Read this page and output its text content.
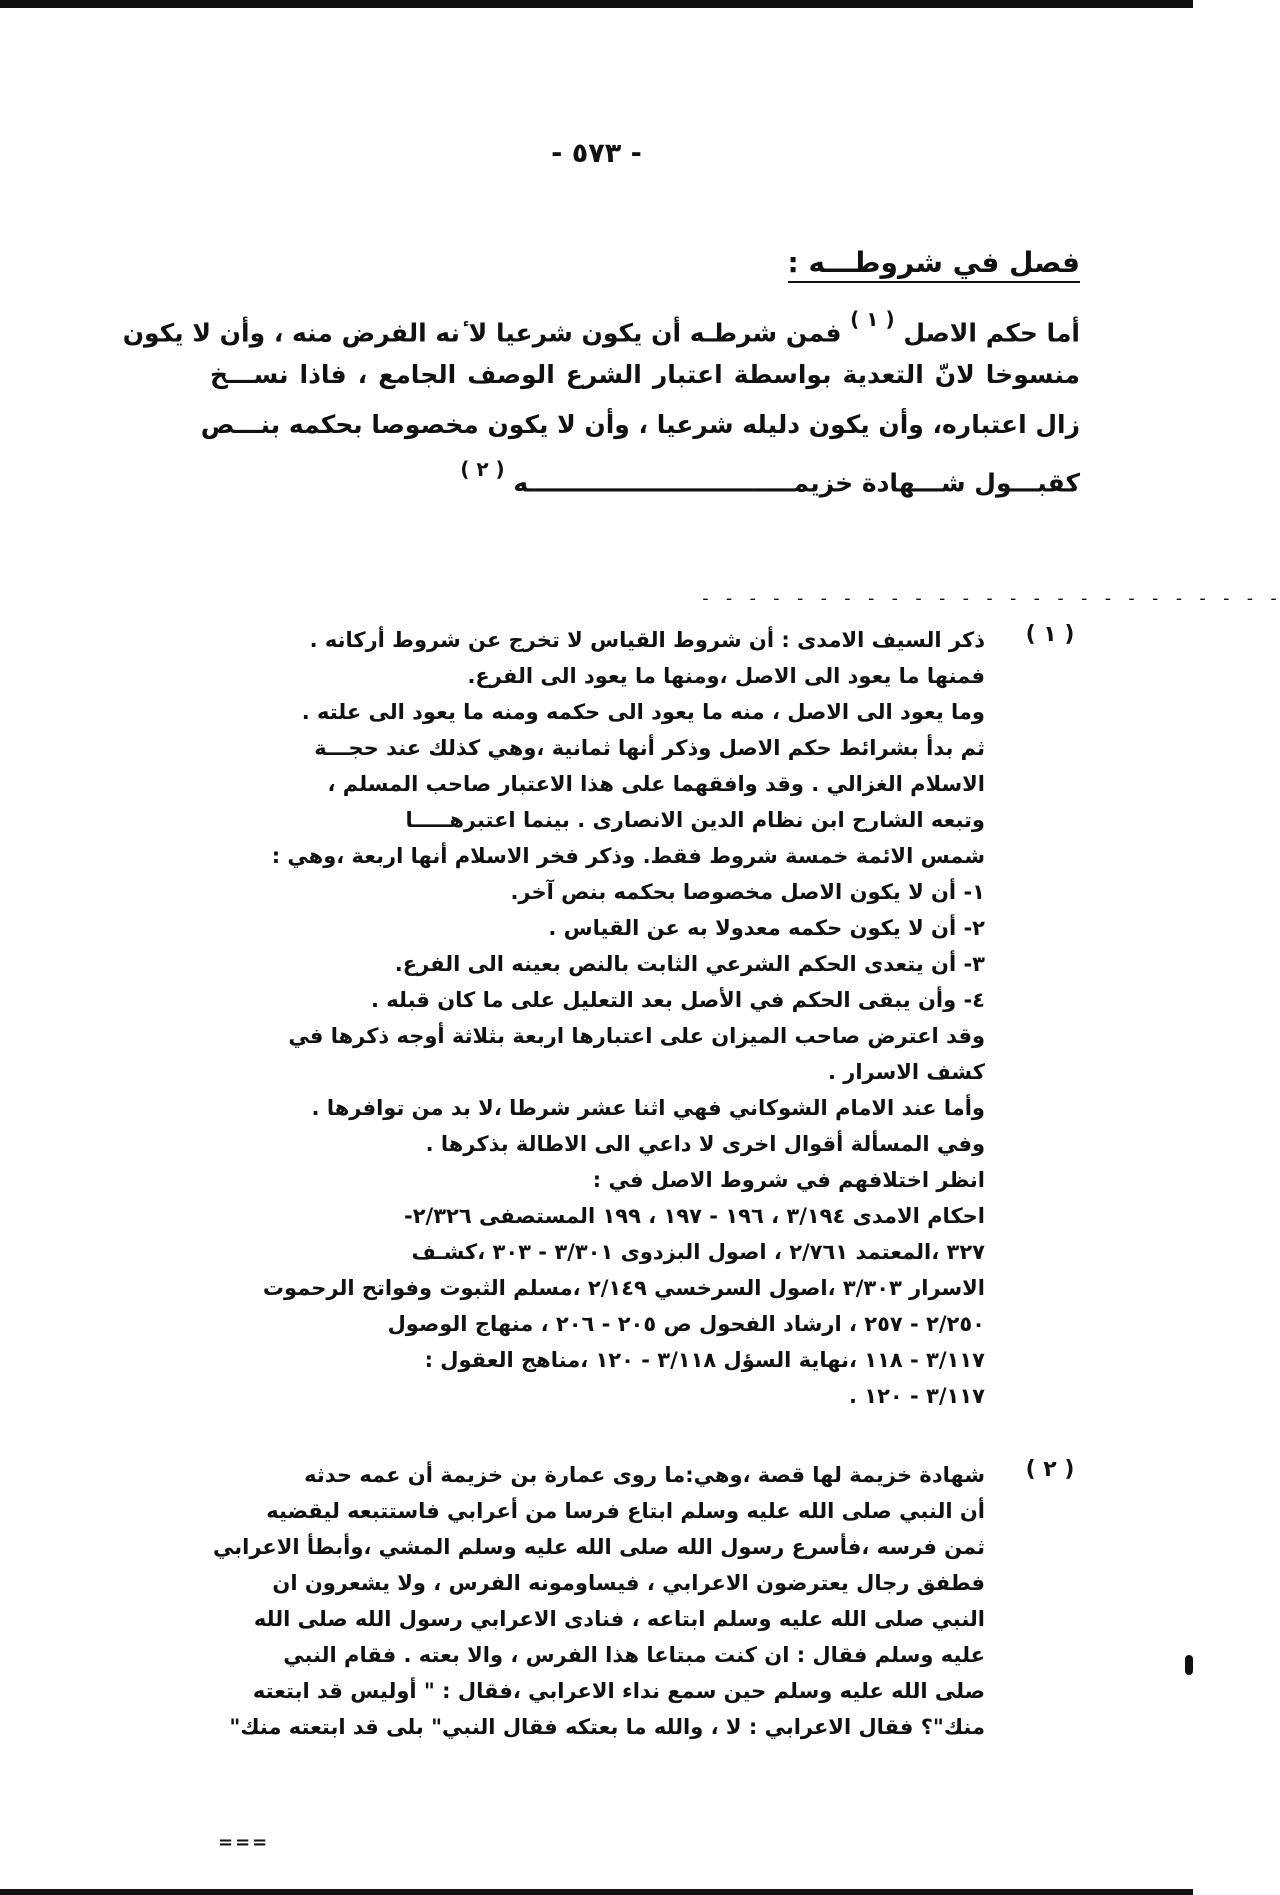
- ٥٧٣ -
فصل في شروطـــه :
أما حكم الاصل $^{( ١ )}$ فمن شرطـه أن يكون شرعيا لا ٔنه الفرض منه ، وأن لا يكون
منسوخا لانّ التعدية بواسطة اعتبار الشرع الوصف الجامع ، فاذا نســـخ
زال اعتباره، وأن يكون دليله شرعيا ، وأن لا يكون مخصوصا بحكمه بنـــص
كقبـــول شـــهادة خزيمـــــــــــــــــــــــــــــــه $^{( ٢ )}$
- - - - - - - - - - - - - - - - - - - - - - - - -
( ١ )
ذكر السيف الامدى : أن شروط القياس لا تخرج عن شروط أركانه .
فمنها ما يعود الى الاصل ،ومنها ما يعود الى الفرع.
وما يعود الى الاصل ، منه ما يعود الى حكمه ومنه ما يعود الى علته .
ثم بدأ بشرائط حكم الاصل وذكر أنها ثمانية ،وهي كذلك عند حجـــة
الاسلام الغزالي . وقد وافقهما على هذا الاعتبار صاحب المسلم ،
وتبعه الشارح ابن نظام الدين الانصارى . بينما اعتبرهـــــا
شمس الائمة خمسة شروط فقط. وذكر فخر الاسلام أنها اربعة ،وهي :
١- أن لا يكون الاصل مخصوصا بحكمه بنص آخر.
٢- أن لا يكون حكمه معدولا به عن القياس .
٣- أن يتعدى الحكم الشرعي الثابت بالنص بعينه الى الفرع.
٤- وأن يبقى الحكم في الأصل بعد التعليل على ما كان قبله .
وقد اعترض صاحب الميزان على اعتبارها اربعة بثلاثة أوجه ذكرها في
كشف الاسرار .
وأما عند الامام الشوكاني فهي اثنا عشر شرطا ،لا بد من توافرها .
وفي المسألة أقوال اخرى لا داعي الى الاطالة بذكرها .
انظر اختلافهم في شروط الاصل في :
احكام الامدى ٣/١٩٤ ، ١٩٦ - ١٩٧ ، ١٩٩ المستصفى ٢/٣٢٦-
٣٢٧ ،المعتمد ٢/٧٦١ ، اصول البزدوى ٣/٣٠١ - ٣٠٣ ،كشـف
الاسرار ٣/٣٠٣ ،اصول السرخسي ٢/١٤٩ ،مسلم الثبوت وفواتح الرحموت
٢/٢٥٠ - ٢٥٧ ، ارشاد الفحول ص ٢٠٥ - ٢٠٦ ، منهاج الوصول
٣/١١٧ - ١١٨ ،نهاية السؤل ٣/١١٨ - ١٢٠ ،مناهج العقول :
٣/١١٧ - ١٢٠ .
( ٢ )
شهادة خزيمة لها قصة ،وهي:ما روى عمارة بن خزيمة أن عمه حدثه
أن النبي صلى الله عليه وسلم ابتاع فرسا من أعرابي فاستتبعه ليقضيه
ثمن فرسه ،فأسرع رسول الله صلى الله عليه وسلم المشي ،وأبطأ الاعرابي
فطفق رجال يعترضون الاعرابي ، فيساومونه الفرس ، ولا يشعرون ان
النبي صلى الله عليه وسلم ابتاعه ، فنادى الاعرابي رسول الله صلى الله
عليه وسلم فقال : ان كنت مبتاعا هذا الفرس ، والا بعته . فقام النبي
صلى الله عليه وسلم حين سمع نداء الاعرابي ،فقال : " أوليس قد ابتعته
منك"؟ فقال الاعرابي : لا ، والله ما بعتكه فقال النبي" بلى قد ابتعته منك"
===
